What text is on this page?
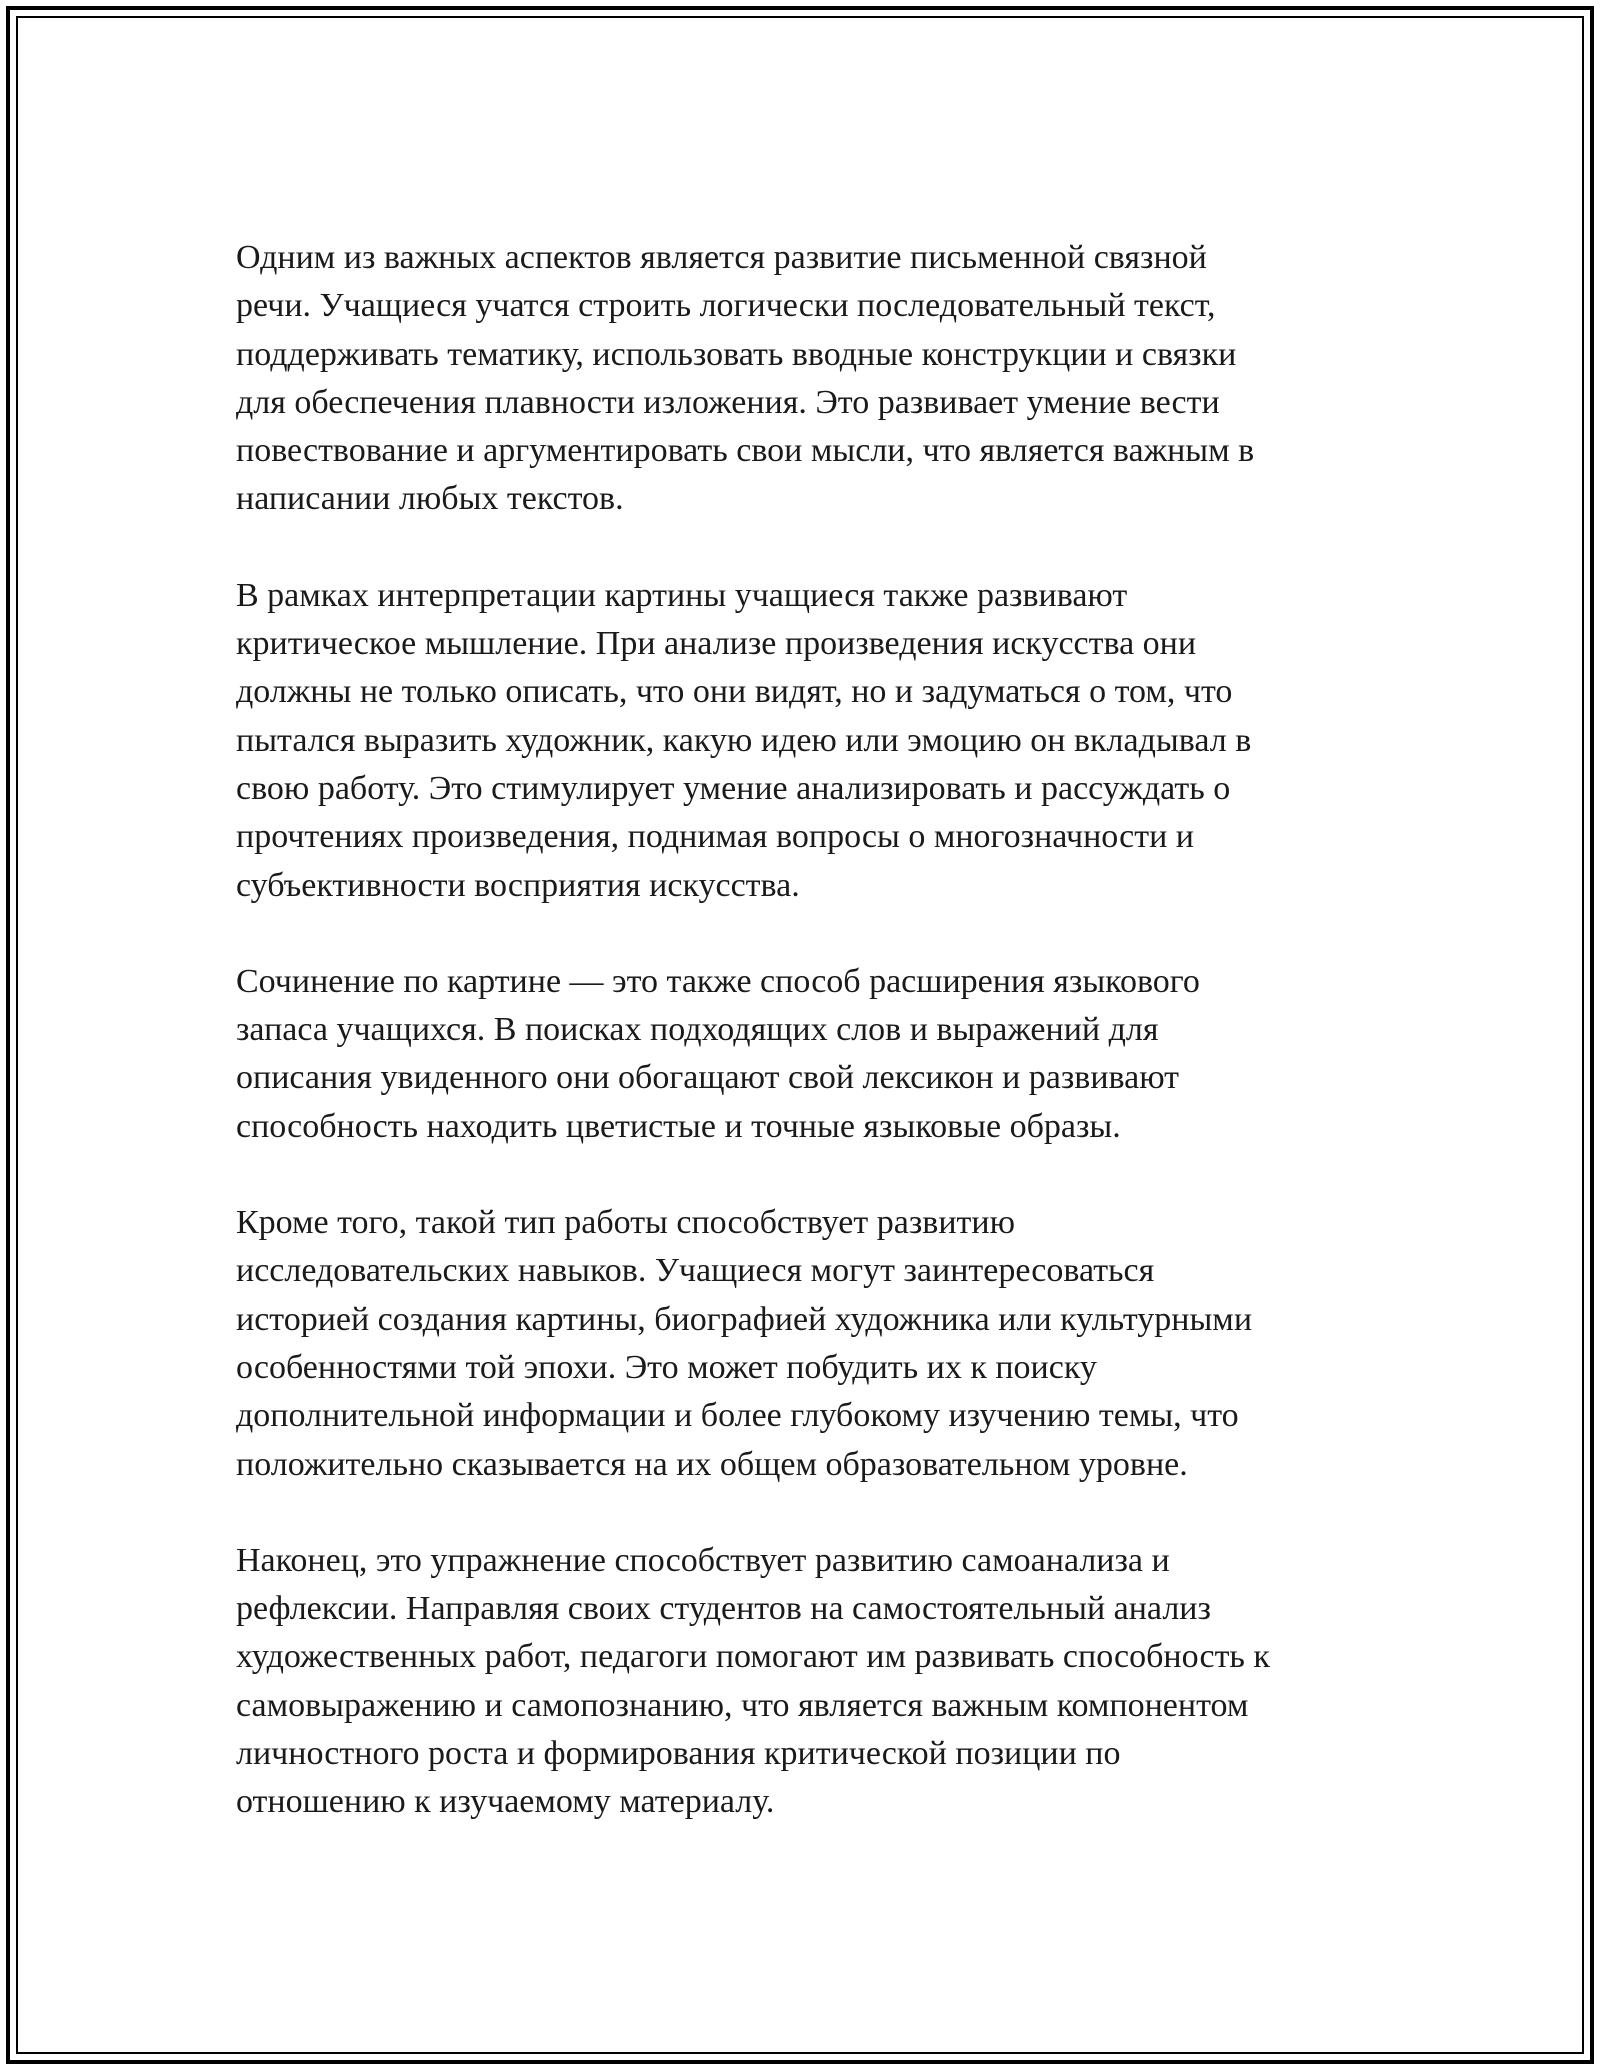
Одним из важных аспектов является развитие письменной связной
речи. Учащиеся учатся строить логически последовательный текст,
поддерживать тематику, использовать вводные конструкции и связки
для обеспечения плавности изложения. Это развивает умение вести
повествование и аргументировать свои мысли, что является важным в
написании любых текстов.

В рамках интерпретации картины учащиеся также развивают
критическое мышление. При анализе произведения искусства они
должны не только описать, что они видят, но и задуматься о том, что
пытался выразить художник, какую идею или эмоцию он вкладывал в
свою работу. Это стимулирует умение анализировать и рассуждать о
прочтениях произведения, поднимая вопросы о многозначности и
субъективности восприятия искусства.

Сочинение по картине — это также способ расширения языкового
запаса учащихся. В поисках подходящих слов и выражений для
описания увиденного они обогащают свой лексикон и развивают
способность находить цветистые и точные языковые образы.

Кроме того, такой тип работы способствует развитию
исследовательских навыков. Учащиеся могут заинтересоваться
историей создания картины, биографией художника или культурными
особенностями той эпохи. Это может побудить их к поиску
дополнительной информации и более глубокому изучению темы, что
положительно сказывается на их общем образовательном уровне.

Наконец, это упражнение способствует развитию самоанализа и
рефлексии. Направляя своих студентов на самостоятельный анализ
художественных работ, педагоги помогают им развивать способность к
самовыражению и самопознанию, что является важным компонентом
личностного роста и формирования критической позиции по
отношению к изучаемому материалу.
